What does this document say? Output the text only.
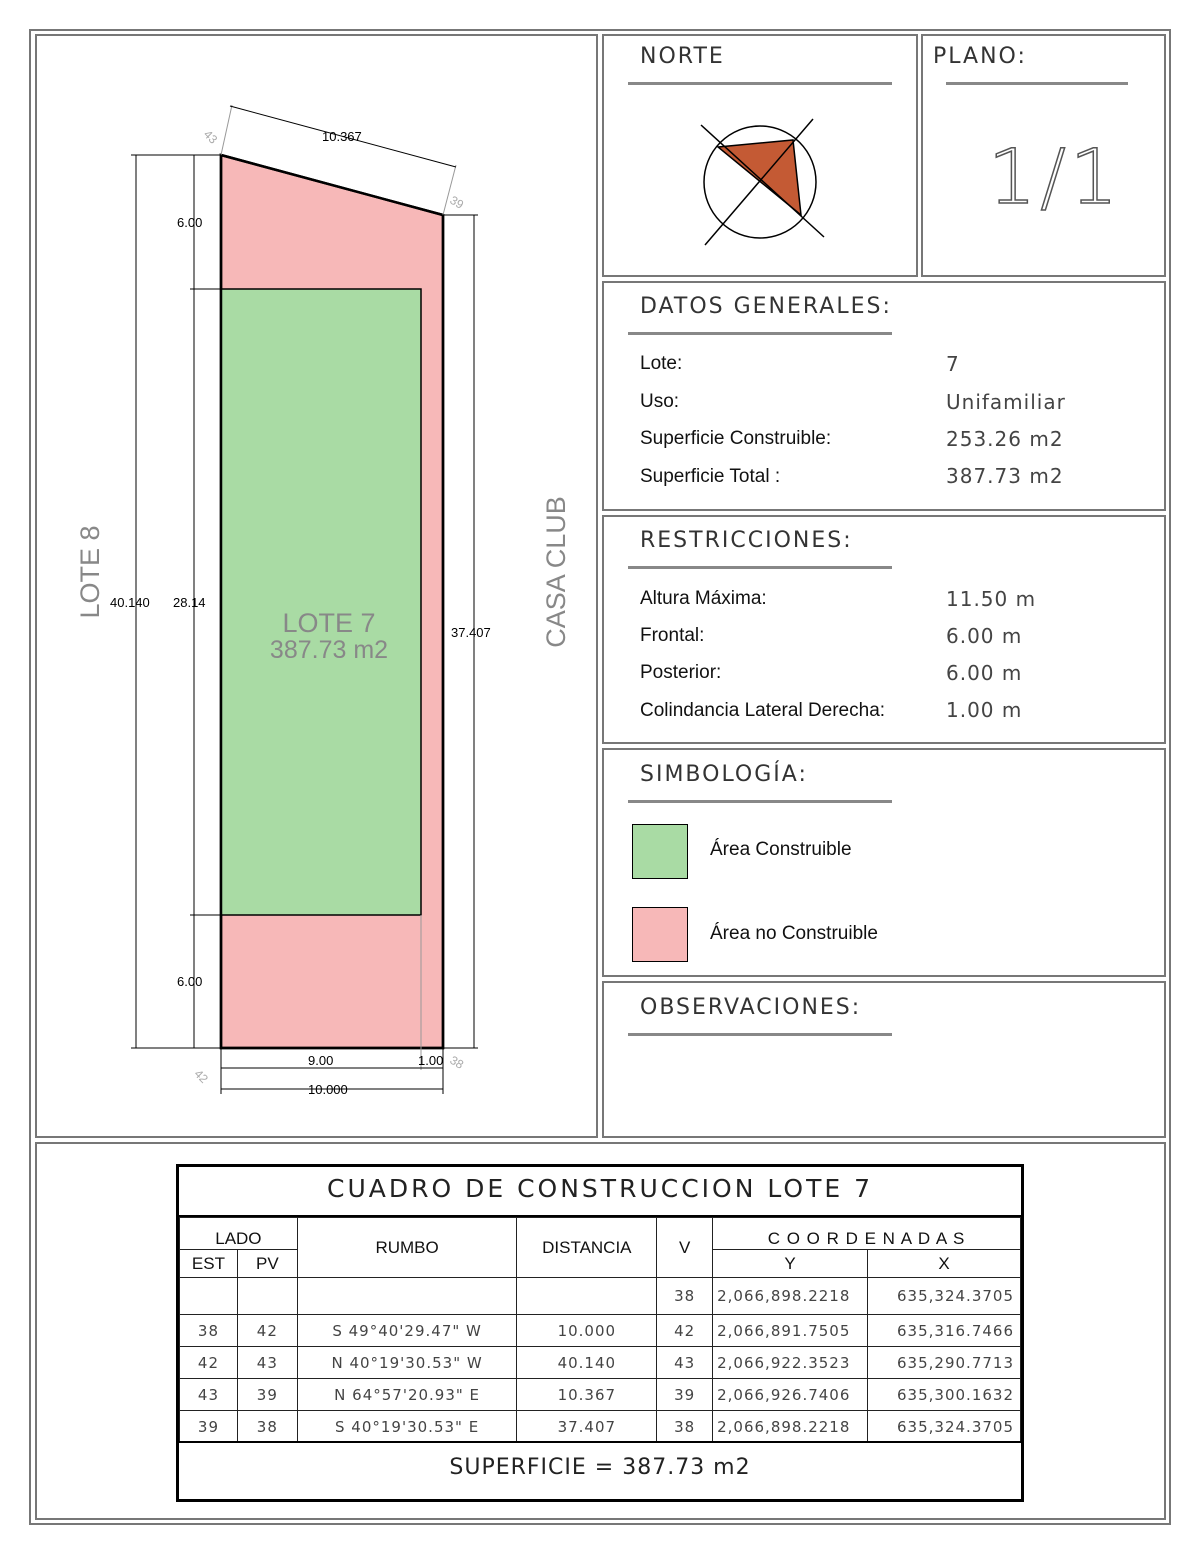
10.367
43
39
40.140 28.14
6.00
6.00
37.407
9.00	1.00
10.000
42
38
LOTE 7
387.73 m2
LOTE 8	CASA CLUB
NORTE	PLANO:
1/1
DATOS GENERALES:
Lote:	7
Uso:	Unifamiliar
Superficie Construible:	253.26 m2
Superficie Total :	387.73 m2
RESTRICCIONES:
Altura Máxima:	11.50 m
Frontal:	6.00 m
Posterior:	6.00 m
Colindancia Lateral Derecha:	1.00 m
SIMBOLOGÍA:
Área Construible
Área no Construible
OBSERVACIONES:
CUADRO DE CONSTRUCCION LOTE 7
LADO		RUMBO	DISTANCIA	V	C O O R D E N A D A S	
EST	PV				Y	X
				38	2,066,898.2218	635,324.3705
38	42	S 49°40'29.47" W	10.000	42	2,066,891.7505	635,316.7466
42	43	N 40°19'30.53" W	40.140	43	2,066,922.3523	635,290.7713
43	39	N 64°57'20.93" E	10.367	39	2,066,926.7406	635,300.1632
39	38	S 40°19'30.53" E	37.407	38	2,066,898.2218	635,324.3705
SUPERFICIE = 387.73 m2
